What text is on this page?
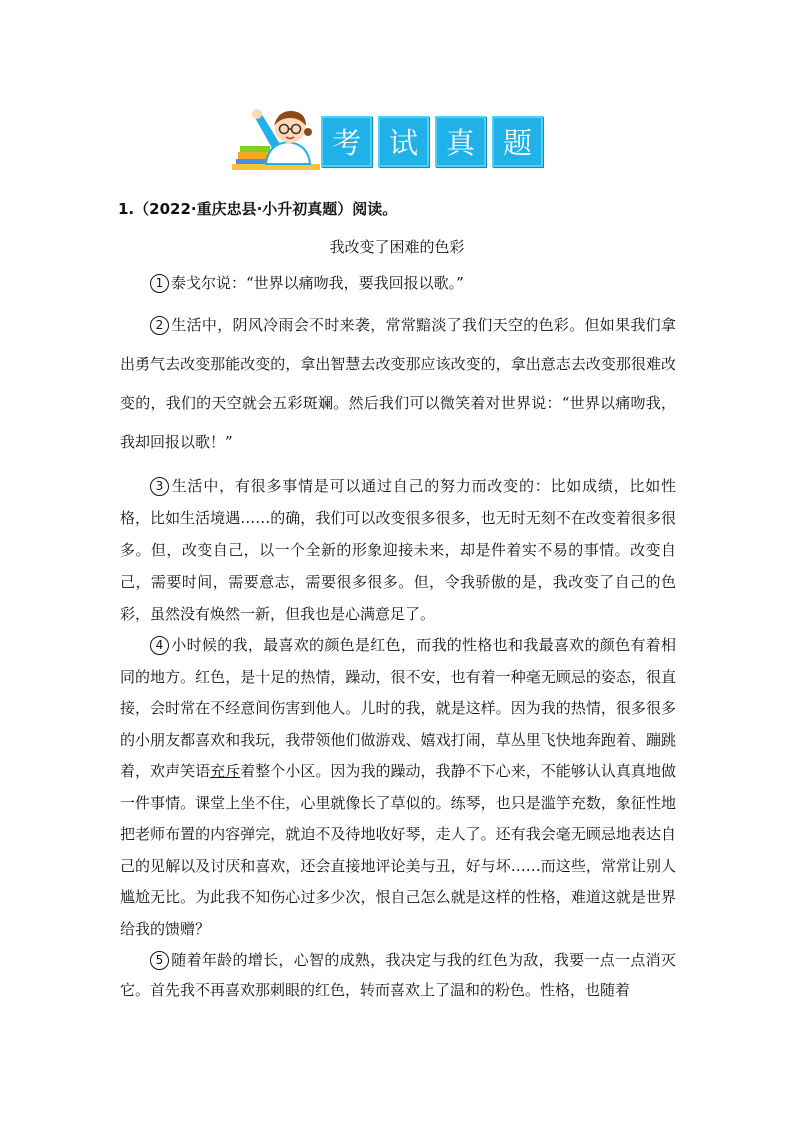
考 试 真 题
1.（2022·重庆忠县·小升初真题）阅读。
我改变了困难的色彩

1 泰戈尔说：“世界以痛吻我，要我回报以歌。”

2 生活中，阴风冷雨会不时来袭，常常黯淡了我们天空的色彩。但如果我们拿出勇气去改变那能改变的，拿出智慧去改变那应该改变的，拿出意志去改变那很难改变的，我们的天空就会五彩斑斓。然后我们可以微笑着对世界说：“世界以痛吻我，我却回报以歌！”

3 生活中，有很多事情是可以通过自己的努力而改变的：比如成绩，比如性格，比如生活境遇……的确，我们可以改变很多很多，也无时无刻不在改变着很多很多。但，改变自己，以一个全新的形象迎接未来，却是件着实不易的事情。改变自己，需要时间，需要意志，需要很多很多。但，令我骄傲的是，我改变了自己的色彩，虽然没有焕然一新，但我也是心满意足了。

4 小时候的我，最喜欢的颜色是红色，而我的性格也和我最喜欢的颜色有着相同的地方。红色，是十足的热情，躁动，很不安，也有着一种毫无顾忌的姿态，很直接，会时常在不经意间伤害到他人。儿时的我，就是这样。因为我的热情，很多很多的小朋友都喜欢和我玩，我带领他们做游戏、嬉戏打闹，草丛里飞快地奔跑着、蹦跳着，欢声笑语充斥着整个小区。因为我的躁动，我静不下心来，不能够认认真真地做一件事情。课堂上坐不住，心里就像长了草似的。练琴，也只是滥竽充数，象征性地把老师布置的内容弹完，就迫不及待地收好琴，走人了。还有我会毫无顾忌地表达自己的见解以及讨厌和喜欢，还会直接地评论美与丑，好与坏……而这些，常常让别人尴尬无比。为此我不知伤心过多少次，恨自己怎么就是这样的性格，难道这就是世界给我的馈赠？

5 随着年龄的增长，心智的成熟，我决定与我的红色为敌，我要一点一点消灭它。首先我不再喜欢那刺眼的红色，转而喜欢上了温和的粉色。性格，也随着
